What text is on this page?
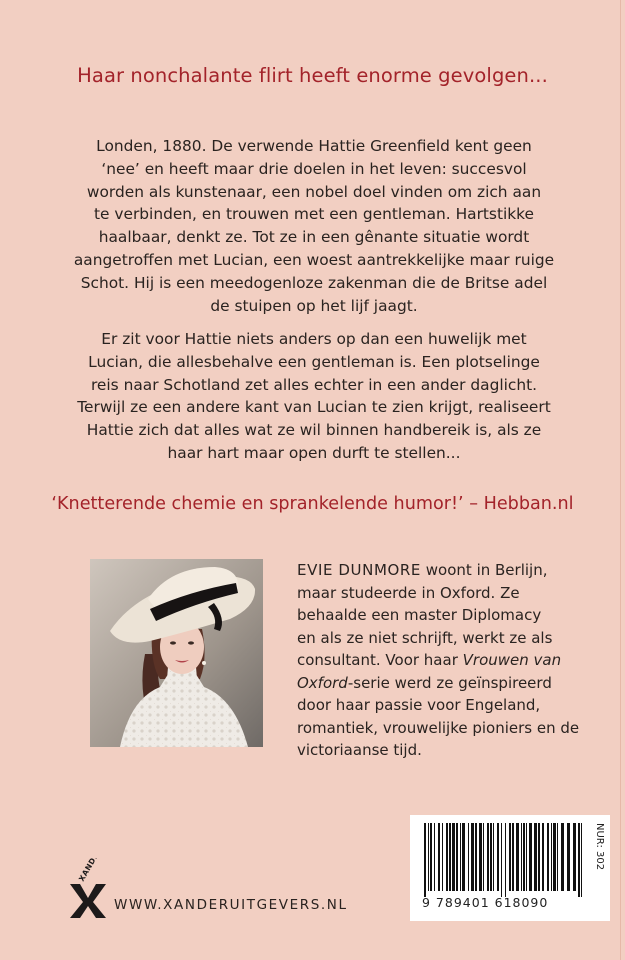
Haar nonchalante flirt heeft enorme gevolgen...

Londen, 1880. De verwende Hattie Greenfield kent geen

‘nee’ en heeft maar drie doelen in het leven: succesvol

worden als kunstenaar, een nobel doel vinden om zich aan

te verbinden, en trouwen met een gentleman. Hartstikke

haalbaar, denkt ze. Tot ze in een gênante situatie wordt

aangetroffen met Lucian, een woest aantrekkelijke maar ruige

Schot. Hij is een meedogenloze zakenman die de Britse adel

de stuipen op het lijf jaagt.

Er zit voor Hattie niets anders op dan een huwelijk met

Lucian, die allesbehalve een gentleman is. Een plotselinge

reis naar Schotland zet alles echter in een ander daglicht.

Terwijl ze een andere kant van Lucian te zien krijgt, realiseert

Hattie zich dat alles wat ze wil binnen handbereik is, als ze

haar hart maar open durft te stellen...

‘Knetterende chemie en sprankelende humor!’ – Hebban.nl
EVIE DUNMORE woont in Berlijn,
maar studeerde in Oxford. Ze
behaalde een master Diplomacy
en als ze niet schrijft, werkt ze als
consultant. Voor haar Vrouwen van
Oxford-serie werd ze geïnspireerd
door haar passie voor Engeland,
romantiek, vrouwelijke pioniers en de
victoriaanse tijd.
9 789401 618090
NUR: 302
XANDER
WWW.XANDERUITGEVERS.NL
